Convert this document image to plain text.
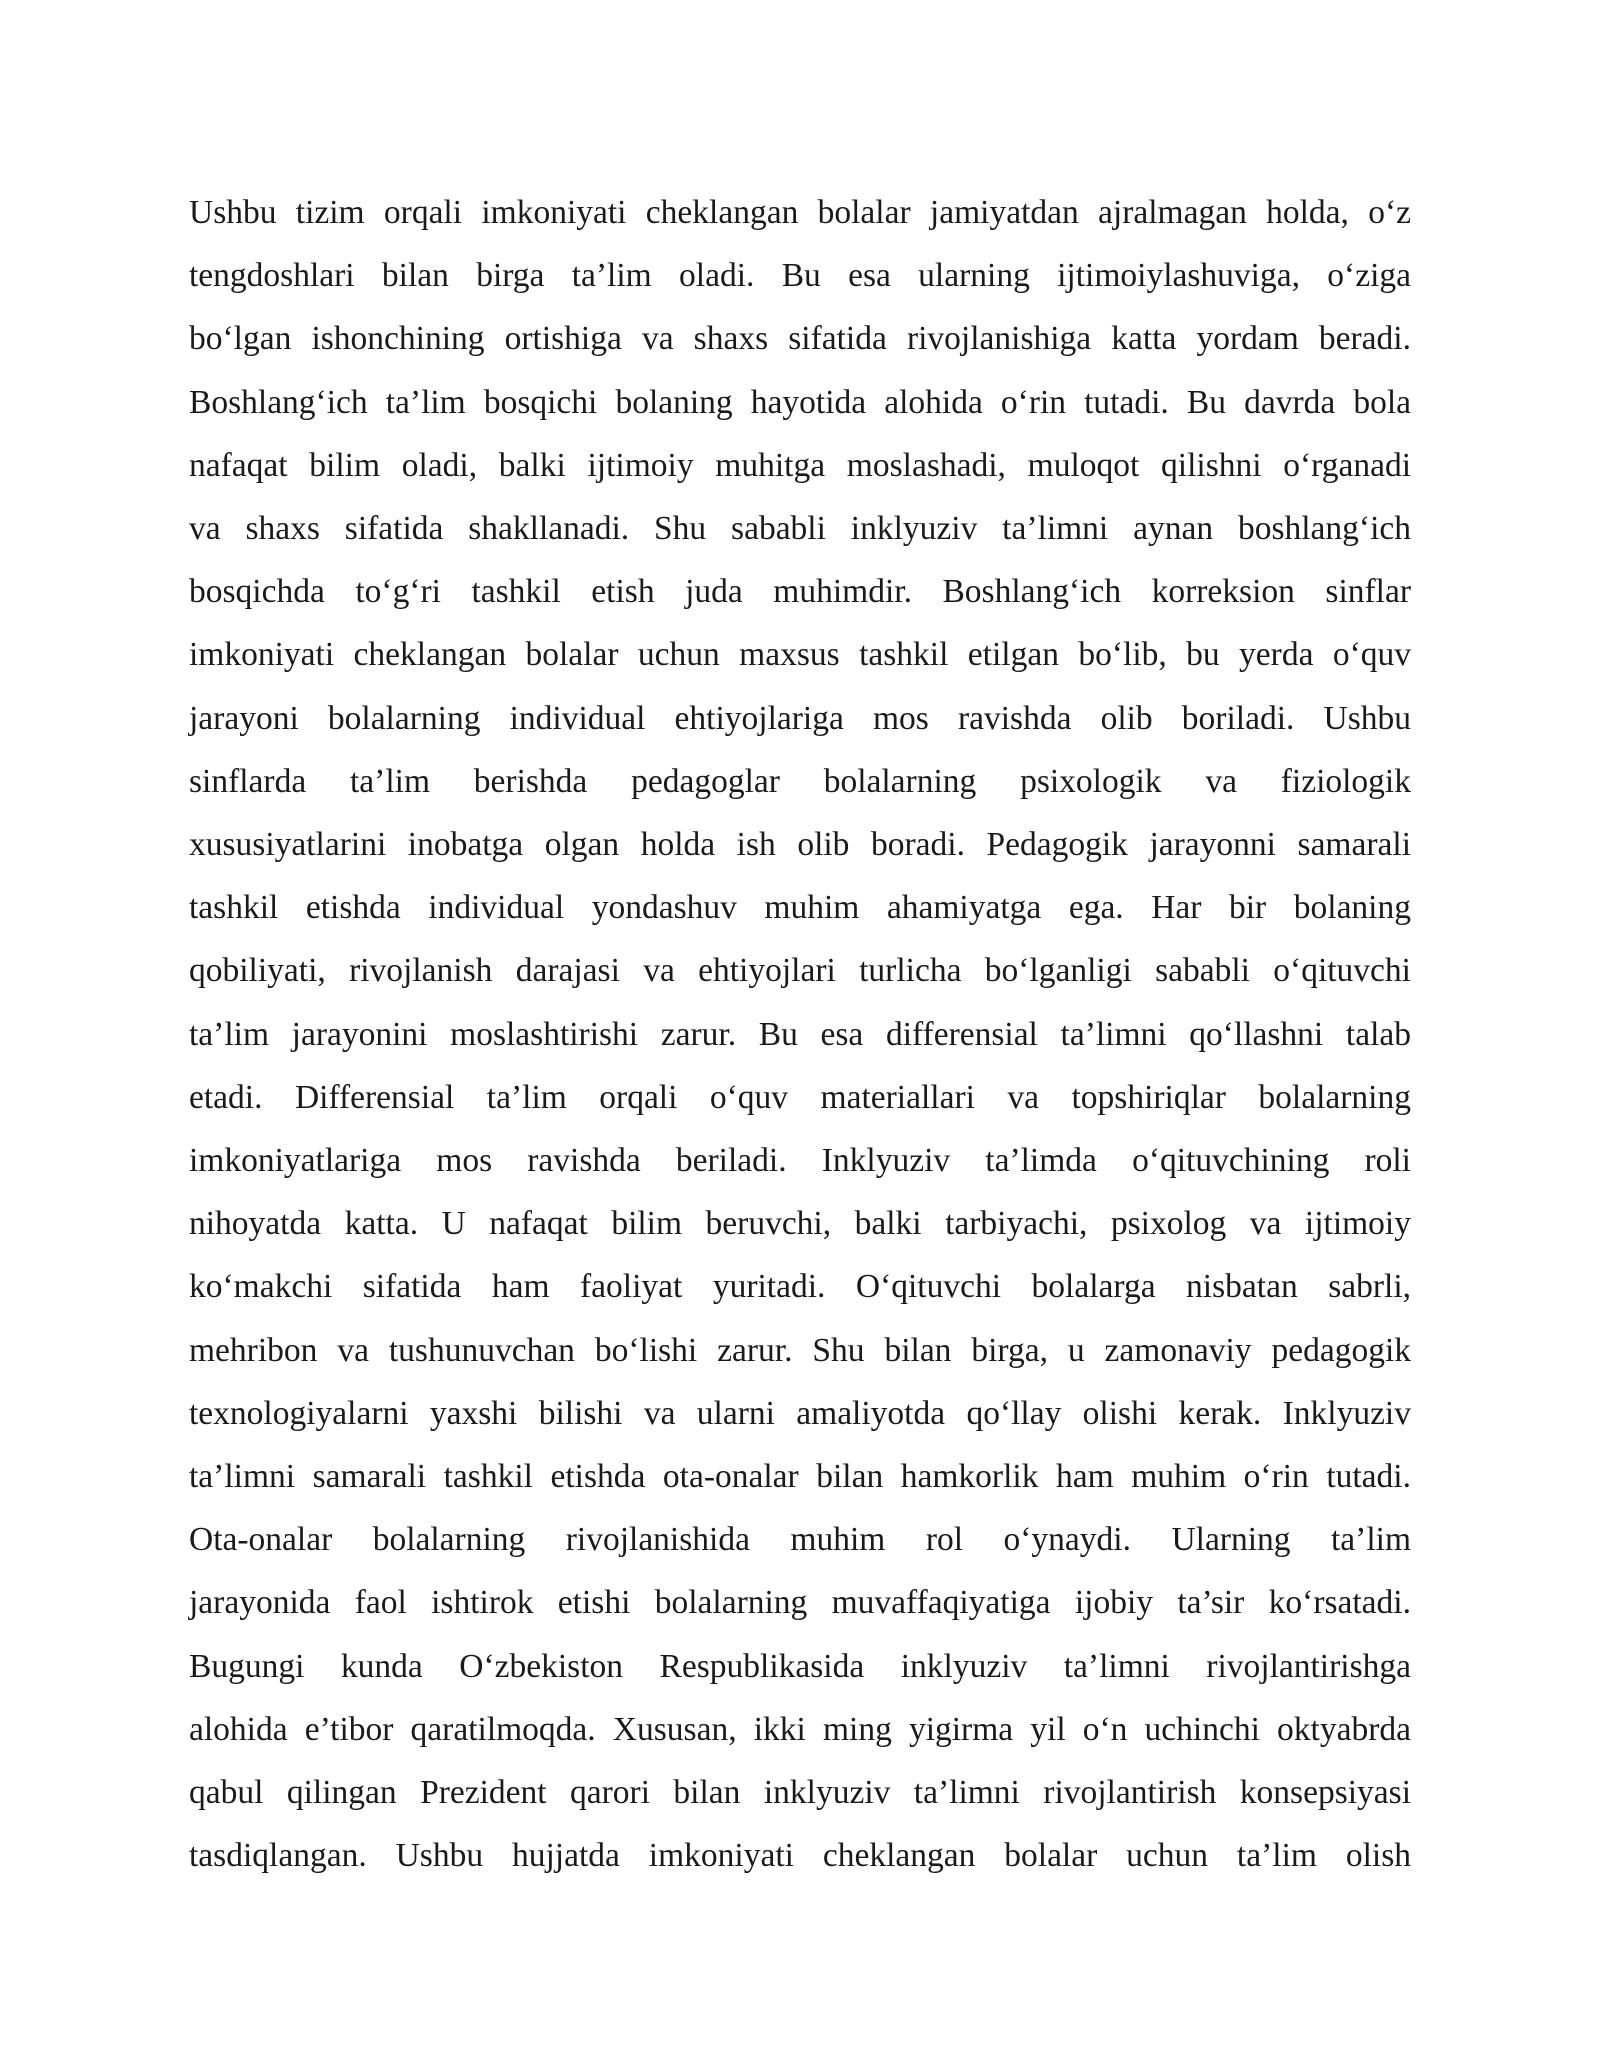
Ushbu tizim orqali imkoniyati cheklangan bolalar jamiyatdan ajralmagan holda, o‘z
tengdoshlari bilan birga ta’lim oladi. Bu esa ularning ijtimoiylashuviga, o‘ziga
bo‘lgan ishonchining ortishiga va shaxs sifatida rivojlanishiga katta yordam beradi.
Boshlang‘ich ta’lim bosqichi bolaning hayotida alohida o‘rin tutadi. Bu davrda bola
nafaqat bilim oladi, balki ijtimoiy muhitga moslashadi, muloqot qilishni o‘rganadi
va shaxs sifatida shakllanadi. Shu sababli inklyuziv ta’limni aynan boshlang‘ich
bosqichda to‘g‘ri tashkil etish juda muhimdir. Boshlang‘ich korreksion sinflar
imkoniyati cheklangan bolalar uchun maxsus tashkil etilgan bo‘lib, bu yerda o‘quv
jarayoni bolalarning individual ehtiyojlariga mos ravishda olib boriladi. Ushbu
sinflarda ta’lim berishda pedagoglar bolalarning psixologik va fiziologik
xususiyatlarini inobatga olgan holda ish olib boradi. Pedagogik jarayonni samarali
tashkil etishda individual yondashuv muhim ahamiyatga ega. Har bir bolaning
qobiliyati, rivojlanish darajasi va ehtiyojlari turlicha bo‘lganligi sababli o‘qituvchi
ta’lim jarayonini moslashtirishi zarur. Bu esa differensial ta’limni qo‘llashni talab
etadi. Differensial ta’lim orqali o‘quv materiallari va topshiriqlar bolalarning
imkoniyatlariga mos ravishda beriladi. Inklyuziv ta’limda o‘qituvchining roli
nihoyatda katta. U nafaqat bilim beruvchi, balki tarbiyachi, psixolog va ijtimoiy
ko‘makchi sifatida ham faoliyat yuritadi. O‘qituvchi bolalarga nisbatan sabrli,
mehribon va tushunuvchan bo‘lishi zarur. Shu bilan birga, u zamonaviy pedagogik
texnologiyalarni yaxshi bilishi va ularni amaliyotda qo‘llay olishi kerak. Inklyuziv
ta’limni samarali tashkil etishda ota-onalar bilan hamkorlik ham muhim o‘rin tutadi.
Ota-onalar bolalarning rivojlanishida muhim rol o‘ynaydi. Ularning ta’lim
jarayonida faol ishtirok etishi bolalarning muvaffaqiyatiga ijobiy ta’sir ko‘rsatadi.
Bugungi kunda O‘zbekiston Respublikasida inklyuziv ta’limni rivojlantirishga
alohida e’tibor qaratilmoqda. Xususan, ikki ming yigirma yil o‘n uchinchi oktyabrda
qabul qilingan Prezident qarori bilan inklyuziv ta’limni rivojlantirish konsepsiyasi
tasdiqlangan. Ushbu hujjatda imkoniyati cheklangan bolalar uchun ta’lim olish
